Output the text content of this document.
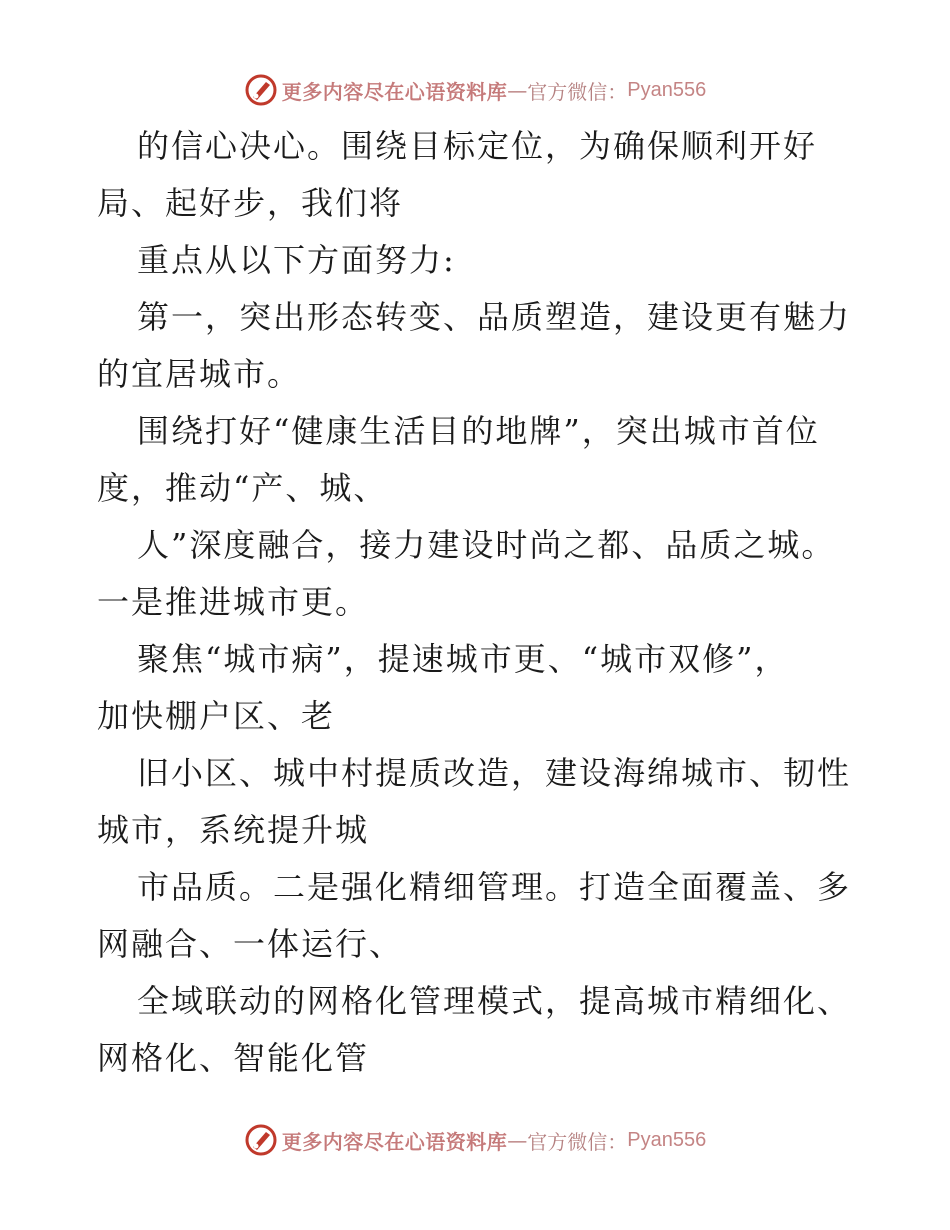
更多内容尽在心语资料库 — 官方微信： Pyan556

的信心决心。围绕目标定位，为确保顺利开好
局、起好步，我们将

重点从以下方面努力:

第一，突出形态转变、品质塑造，建设更有魅力
的宜居城市。

围绕打好“健康生活目的地牌”，突出城市首位
度，推动“产、城、

人”深度融合，接力建设时尚之都、品质之城。
一是推进城市更。

聚焦“城市病”，提速城市更、“城市双修”，
加快棚户区、老

旧小区、城中村提质改造，建设海绵城市、韧性
城市，系统提升城

市品质。二是强化精细管理。打造全面覆盖、多
网融合、一体运行、

全域联动的网格化管理模式，提高城市精细化、
网格化、智能化管

更多内容尽在心语资料库 — 官方微信： Pyan556
